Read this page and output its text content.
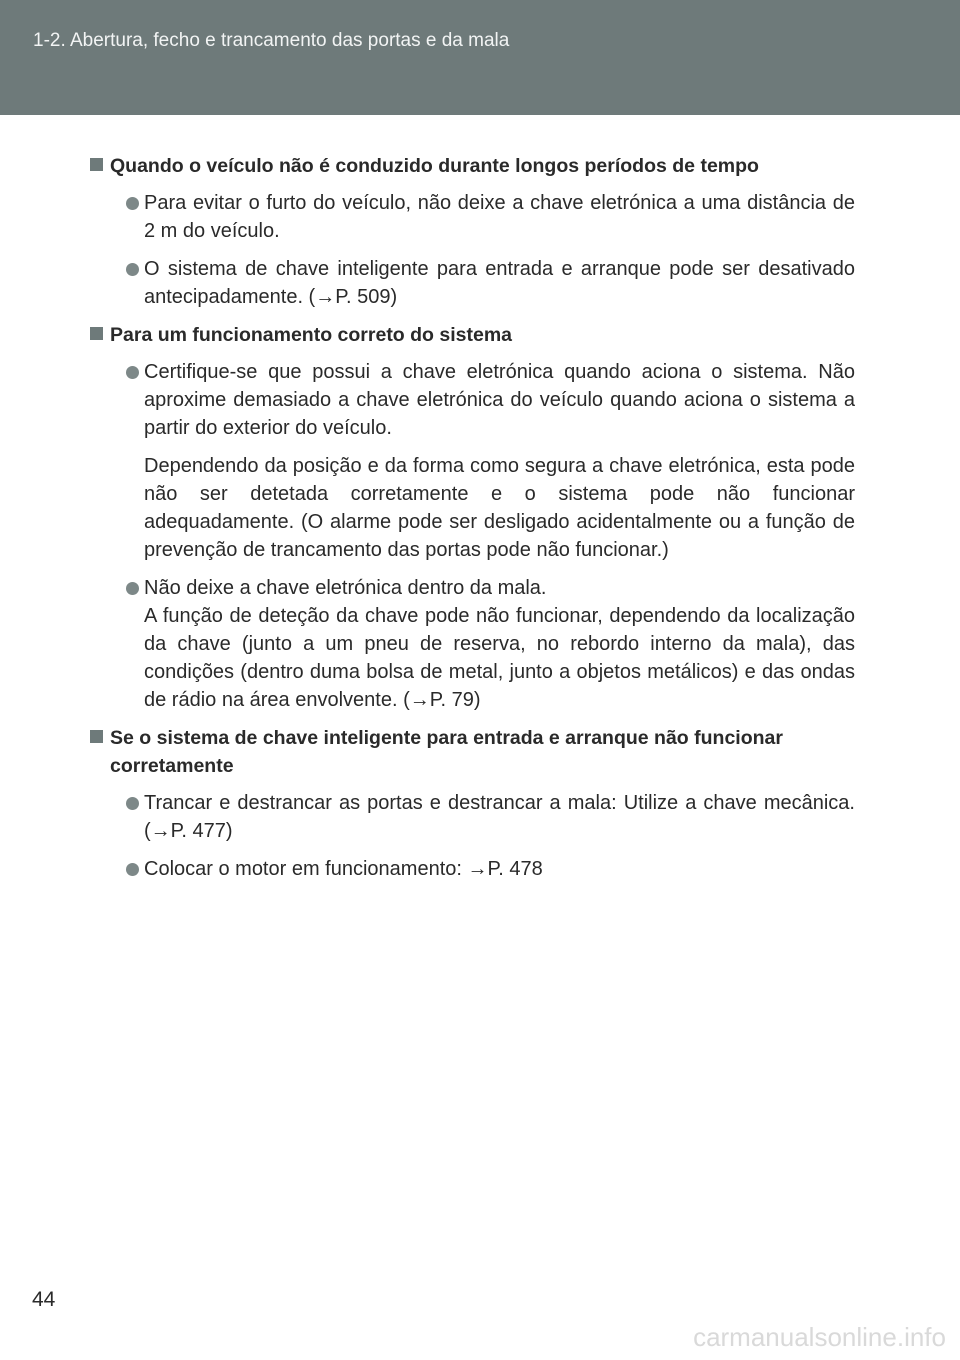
1-2. Abertura, fecho e trancamento das portas e da mala
Quando o veículo não é conduzido durante longos períodos de tempo
Para evitar o furto do veículo, não deixe a chave eletrónica a uma distância de 2 m do veículo.
O sistema de chave inteligente para entrada e arranque pode ser desativado antecipadamente. (→P. 509)
Para um funcionamento correto do sistema
Certifique-se que possui a chave eletrónica quando aciona o sistema. Não aproxime demasiado a chave eletrónica do veículo quando aciona o sistema a partir do exterior do veículo.
Dependendo da posição e da forma como segura a chave eletrónica, esta pode não ser detetada corretamente e o sistema pode não funcionar adequadamente. (O alarme pode ser desligado acidentalmente ou a função de prevenção de trancamento das portas pode não funcionar.)
Não deixe a chave eletrónica dentro da mala.
A função de deteção da chave pode não funcionar, dependendo da localização da chave (junto a um pneu de reserva, no rebordo interno da mala), das condições (dentro duma bolsa de metal, junto a objetos metálicos) e das ondas de rádio na área envolvente. (→P. 79)
Se o sistema de chave inteligente para entrada e arranque não funcionar corretamente
Trancar e destrancar as portas e destrancar a mala: Utilize a chave mecânica. (→P. 477)
Colocar o motor em funcionamento: →P. 478
44
carmanualsonline.info
